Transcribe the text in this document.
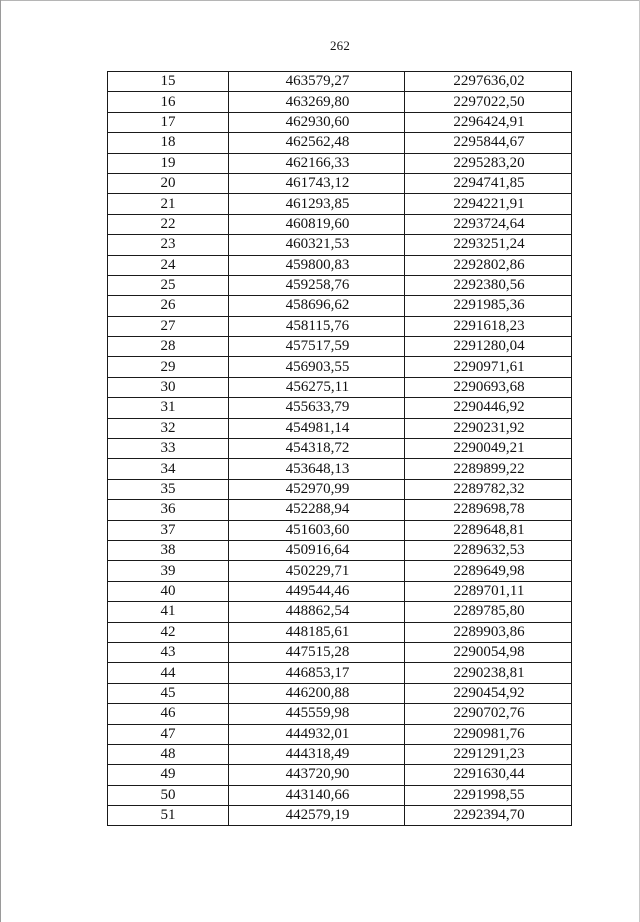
262
15	463579,27	2297636,02
16	463269,80	2297022,50
17	462930,60	2296424,91
18	462562,48	2295844,67
19	462166,33	2295283,20
20	461743,12	2294741,85
21	461293,85	2294221,91
22	460819,60	2293724,64
23	460321,53	2293251,24
24	459800,83	2292802,86
25	459258,76	2292380,56
26	458696,62	2291985,36
27	458115,76	2291618,23
28	457517,59	2291280,04
29	456903,55	2290971,61
30	456275,11	2290693,68
31	455633,79	2290446,92
32	454981,14	2290231,92
33	454318,72	2290049,21
34	453648,13	2289899,22
35	452970,99	2289782,32
36	452288,94	2289698,78
37	451603,60	2289648,81
38	450916,64	2289632,53
39	450229,71	2289649,98
40	449544,46	2289701,11
41	448862,54	2289785,80
42	448185,61	2289903,86
43	447515,28	2290054,98
44	446853,17	2290238,81
45	446200,88	2290454,92
46	445559,98	2290702,76
47	444932,01	2290981,76
48	444318,49	2291291,23
49	443720,90	2291630,44
50	443140,66	2291998,55
51	442579,19	2292394,70
